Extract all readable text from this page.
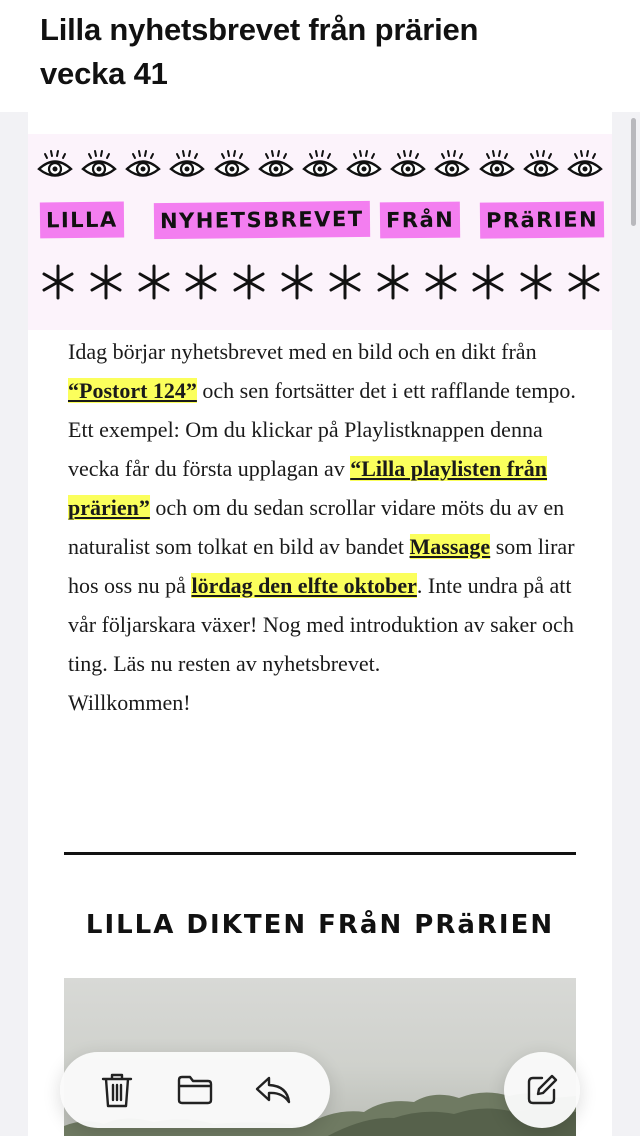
Lilla nyhetsbrevet från prärien
vecka 41
LILLA NYHETSBREVET FRåN PRäRIEN

Idag börjar nyhetsbrevet med en bild och en dikt från “Postort 124” och sen fortsätter det i ett rafflande tempo. Ett exempel: Om du klickar på Playlistknappen denna vecka får du första upplagan av “Lilla playlisten från prärien” och om du sedan scrollar vidare möts du av en naturalist som tolkat en bild av bandet Massage som lirar hos oss nu på lördag den elfte oktober. Inte undra på att vår följarskara växer! Nog med introduktion av saker och ting. Läs nu resten av nyhetsbrevet.
Willkommen!

LILLA DIKTEN FRåN PRäRIEN
